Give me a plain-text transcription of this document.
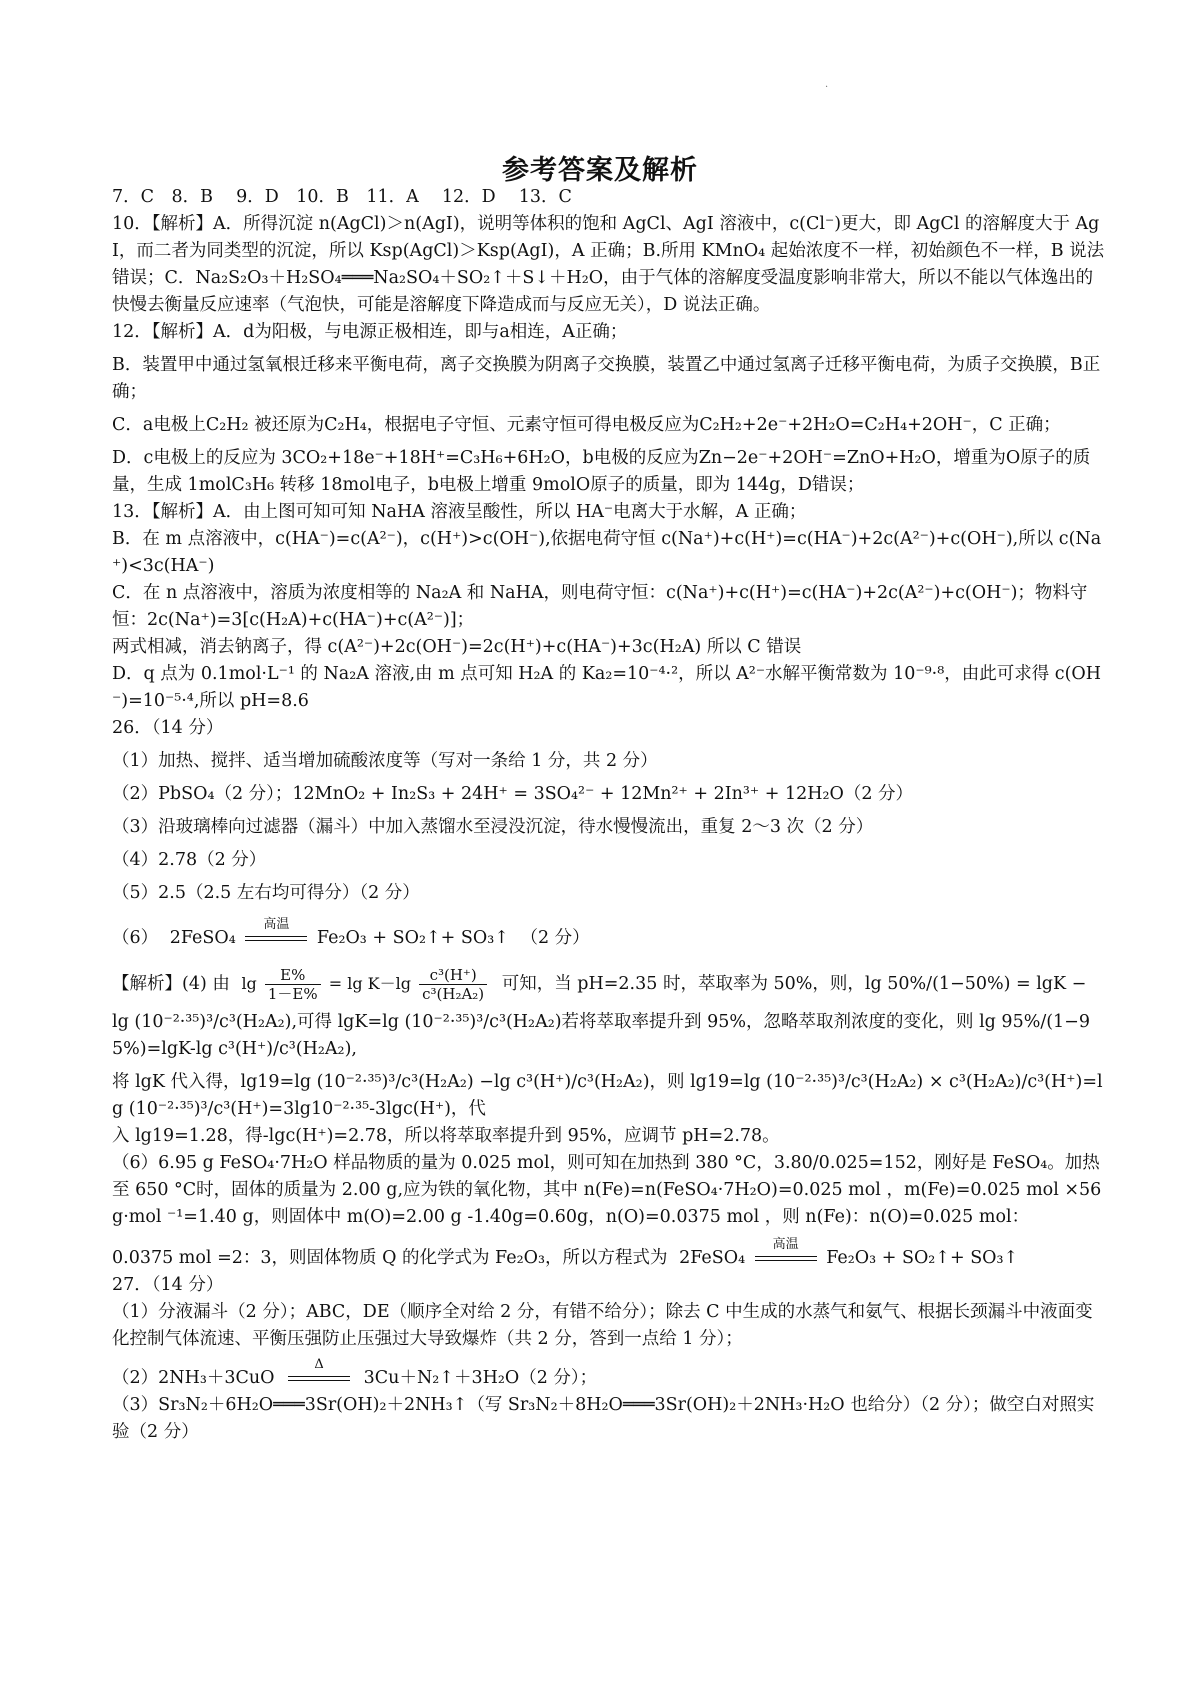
·
参考答案及解析

7．C　8．B　 9．D　10．B　11．A　 12．D　 13．C

10．【解析】A．所得沉淀 n(AgCl)＞n(AgI)，说明等体积的饱和 AgCl、AgI 溶液中，c(Cl⁻)更大，即 AgCl 的溶解度大于 AgI，而二者为同类型的沉淀，所以 Ksp(AgCl)＞Ksp(AgI)，A 正确；B.所用 KMnO₄ 起始浓度不一样，初始颜色不一样，B 说法错误；C．Na₂S₂O₃＋H₂SO₄═══Na₂SO₄＋SO₂↑＋S↓＋H₂O，由于气体的溶解度受温度影响非常大，所以不能以气体逸出的快慢去衡量反应速率（气泡快，可能是溶解度下降造成而与反应无关），D 说法正确。

12．【解析】A．d为阳极，与电源正极相连，即与a相连，A正确；

B．装置甲中通过氢氧根迁移来平衡电荷，离子交换膜为阴离子交换膜，装置乙中通过氢离子迁移平衡电荷，为质子交换膜，B正确；

C．a电极上C₂H₂ 被还原为C₂H₄，根据电子守恒、元素守恒可得电极反应为C₂H₂+2e⁻+2H₂O=C₂H₄+2OH⁻，C 正确；

D．c电极上的反应为 3CO₂+18e⁻+18H⁺=C₃H₆+6H₂O，b电极的反应为Zn−2e⁻+2OH⁻=ZnO+H₂O，增重为O原子的质量，生成 1molC₃H₆ 转移 18mol电子，b电极上增重 9molO原子的质量，即为 144g，D错误；

13．【解析】A．由上图可知可知 NaHA 溶液呈酸性，所以 HA⁻电离大于水解，A 正确；

B．在 m 点溶液中，c(HA⁻)=c(A²⁻)，c(H⁺)>c(OH⁻),依据电荷守恒 c(Na⁺)+c(H⁺)=c(HA⁻)+2c(A²⁻)+c(OH⁻),所以 c(Na⁺)<3c(HA⁻)

C．在 n 点溶液中，溶质为浓度相等的 Na₂A 和 NaHA，则电荷守恒：c(Na⁺)+c(H⁺)=c(HA⁻)+2c(A²⁻)+c(OH⁻)；物料守恒：2c(Na⁺)=3[c(H₂A)+c(HA⁻)+c(A²⁻)]；

两式相减，消去钠离子，得 c(A²⁻)+2c(OH⁻)=2c(H⁺)+c(HA⁻)+3c(H₂A) 所以 C 错误

D．q 点为 0.1mol·L⁻¹ 的 Na₂A 溶液,由 m 点可知 H₂A 的 Ka₂=10⁻⁴·²，所以 A²⁻水解平衡常数为 10⁻⁹·⁸，由此可求得 c(OH⁻)=10⁻⁵·⁴,所以 pH=8.6

26．（14 分）

（1）加热、搅拌、适当增加硫酸浓度等（写对一条给 1 分，共 2 分）

（2）PbSO₄（2 分）；12MnO₂ + In₂S₃ + 24H⁺ = 3SO₄²⁻ + 12Mn²⁺ + 2In³⁺ + 12H₂O（2 分）

（3）沿玻璃棒向过滤器（漏斗）中加入蒸馏水至浸没沉淀，待水慢慢流出，重复 2～3 次（2 分）

（4）2.78（2 分）

（5）2.5（2.5 左右均可得分）（2 分）

（6） 2FeSO₄
高温
Fe₂O₃ + SO₂↑+ SO₃↑ （2 分）

【解析】(4) 由 $\lg \frac{E\%}{1-E\%} = \lg K-\lg \frac{\text{c³(H⁺)}}{\text{c³(H₂A₂)}}$ 可知，当 pH=2.35 时，萃取率为 50%，则，lg 50%/(1−50%) = lgK −

lg (10⁻²·³⁵)³/c³(H₂A₂),可得 lgK=lg (10⁻²·³⁵)³/c³(H₂A₂)若将萃取率提升到 95%，忽略萃取剂浓度的变化，则 lg 95%/(1−95%)=lgK-lg c³(H⁺)/c³(H₂A₂),

将 lgK 代入得，lg19=lg (10⁻²·³⁵)³/c³(H₂A₂) −lg c³(H⁺)/c³(H₂A₂)，则 lg19=lg (10⁻²·³⁵)³/c³(H₂A₂) × c³(H₂A₂)/c³(H⁺)=lg (10⁻²·³⁵)³/c³(H⁺)=3lg10⁻²·³⁵-3lgc(H⁺)，代

入 lg19=1.28，得-lgc(H⁺)=2.78，所以将萃取率提升到 95%，应调节 pH=2.78。

（6）6.95 g FeSO₄·7H₂O 样品物质的量为 0.025 mol，则可知在加热到 380 °C，3.80/0.025=152，刚好是 FeSO₄。加热至 650 °C时，固体的质量为 2.00 g,应为铁的氧化物，其中 n(Fe)=n(FeSO₄·7H₂O)=0.025 mol ，m(Fe)=0.025 mol ×56 g·mol ⁻¹=1.40 g，则固体中 m(O)=2.00 g -1.40g=0.60g，n(O)=0.0375 mol ，则 n(Fe)：n(O)=0.025 mol：

0.0375 mol =2：3，则固体物质 Q 的化学式为 Fe₂O₃，所以方程式为 2FeSO₄
高温
Fe₂O₃ + SO₂↑+ SO₃↑

27．（14 分）

（1）分液漏斗（2 分）；ABC，DE（顺序全对给 2 分，有错不给分）；除去 C 中生成的水蒸气和氨气、根据长颈漏斗中液面变化控制气体流速、平衡压强防止压强过大导致爆炸（共 2 分，答到一点给 1 分）；

（2）2NH₃＋3CuO
Δ
3Cu＋N₂↑＋3H₂O（2 分）；

（3）Sr₃N₂＋6H₂O═══3Sr(OH)₂＋2NH₃↑（写 Sr₃N₂＋8H₂O═══3Sr(OH)₂＋2NH₃·H₂O 也给分）（2 分）；做空白对照实验（2 分）
